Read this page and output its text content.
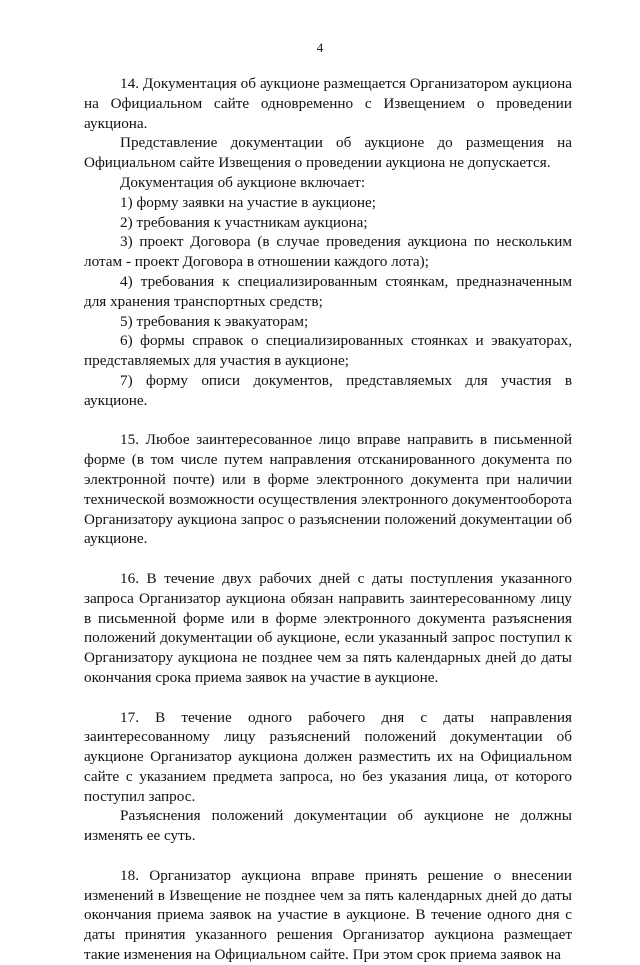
4

14. Документация об аукционе размещается Организатором аукциона на Официальном сайте одновременно с Извещением о проведении аукциона.

Представление документации об аукционе до размещения на Официальном сайте Извещения о проведении аукциона не допускается.

Документация об аукционе включает:

1) форму заявки на участие в аукционе;

2) требования к участникам аукциона;

3) проект Договора (в случае проведения аукциона по нескольким лотам - проект Договора в отношении каждого лота);

4) требования к специализированным стоянкам, предназначенным для хранения транспортных средств;

5) требования к эвакуаторам;

6) формы справок о специализированных стоянках и эвакуаторах, представляемых для участия в аукционе;

7) форму описи документов, представляемых для участия в аукционе.

15. Любое заинтересованное лицо вправе направить в письменной форме (в том числе путем направления отсканированного документа по электронной почте) или в форме электронного документа при наличии технической возможности осуществления электронного документооборота Организатору аукциона запрос о разъяснении положений документации об аукционе.

16. В течение двух рабочих дней с даты поступления указанного запроса Организатор аукциона обязан направить заинтересованному лицу в письменной форме или в форме электронного документа разъяснения положений документации об аукционе, если указанный запрос поступил к Организатору аукциона не позднее чем за пять календарных дней до даты окончания срока приема заявок на участие в аукционе.

17. В течение одного рабочего дня с даты направления заинтересованному лицу разъяснений положений документации об аукционе Организатор аукциона должен разместить их на Официальном сайте с указанием предмета запроса, но без указания лица, от которого поступил запрос.

Разъяснения положений документации об аукционе не должны изменять ее суть.

18. Организатор аукциона вправе принять решение о внесении изменений в Извещение не позднее чем за пять календарных дней до даты окончания приема заявок на участие в аукционе. В течение одного дня с даты принятия указанного решения Организатор аукциона размещает такие изменения на Официальном сайте. При этом срок приема заявок на
